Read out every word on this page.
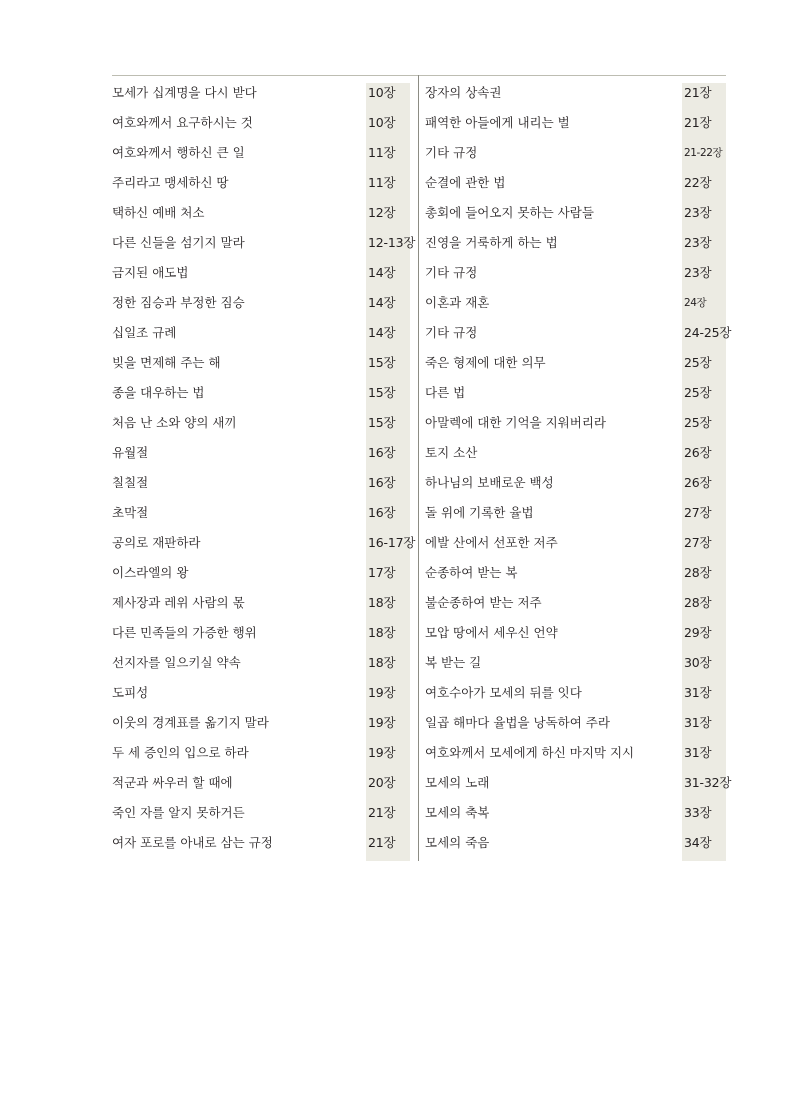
모세가 십계명을 다시 받다	10장
여호와께서 요구하시는 것	10장
여호와께서 행하신 큰 일	11장
주리라고 맹세하신 땅	11장
택하신 예배 처소	12장
다른 신들을 섬기지 말라	12-13장
금지된 애도법	14장
정한 짐승과 부정한 짐승	14장
십일조 규례	14장
빚을 면제해 주는 해	15장
종을 대우하는 법	15장
처음 난 소와 양의 새끼	15장
유월절	16장
칠칠절	16장
초막절	16장
공의로 재판하라	16-17장
이스라엘의 왕	17장
제사장과 레위 사람의 몫	18장
다른 민족들의 가증한 행위	18장
선지자를 일으키실 약속	18장
도피성	19장
이웃의 경계표를 옮기지 말라	19장
두 세 증인의 입으로 하라	19장
적군과 싸우러 할 때에	20장
죽인 자를 알지 못하거든	21장
여자 포로를 아내로 삼는 규정	21장
장자의 상속권	21장
패역한 아들에게 내리는 벌	21장
기타 규정	21-22장
순결에 관한 법	22장
총회에 들어오지 못하는 사람들	23장
진영을 거룩하게 하는 법	23장
기타 규정	23장
이혼과 재혼	24장
기타 규정	24-25장
죽은 형제에 대한 의무	25장
다른 법	25장
아말렉에 대한 기억을 지워버리라	25장
토지 소산	26장
하나님의 보배로운 백성	26장
돌 위에 기록한 율법	27장
에발 산에서 선포한 저주	27장
순종하여 받는 복	28장
불순종하여 받는 저주	28장
모압 땅에서 세우신 언약	29장
복 받는 길	30장
여호수아가 모세의 뒤를 잇다	31장
일곱 해마다 율법을 낭독하여 주라	31장
여호와께서 모세에게 하신 마지막 지시	31장
모세의 노래	31-32장
모세의 축복	33장
모세의 죽음	34장
